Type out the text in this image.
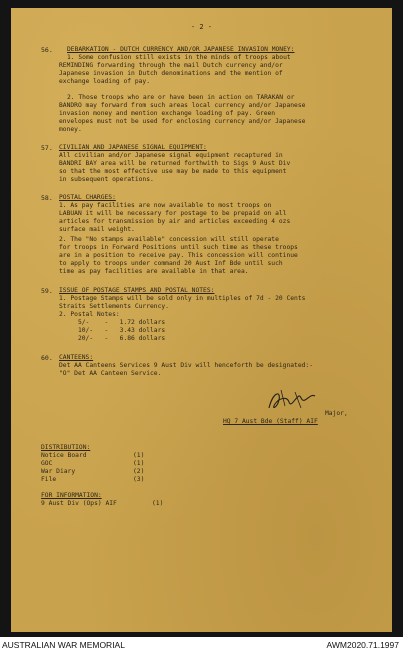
- 2 -
56. DEBARKATION - DUTCH CURRENCY AND/OR JAPANESE INVASION MONEY:
1. Some confusion still exists in the minds of troops about
REMINDING forwarding through the mail Dutch currency and/or
Japanese invasion in Dutch denominations and the mention of
exchange loading of pay.
2. Those troops who are or have been in action on TARAKAN or
BANDRO may forward from such areas local currency and/or Japanese
invasion money and mention exchange loading of pay. Green
envelopes must not be used for enclosing currency and/or Japanese
money.
57. CIVILIAN AND JAPANESE SIGNAL EQUIPMENT:
All civilian and/or Japanese signal equipment recaptured in
BANDRI BAY area will be returned forthwith to Sigs 9 Aust Div
so that the most effective use may be made to this equipment
in subsequent operations.
58. POSTAL CHARGES:
1. As pay facilities are now available to most troops on
LABUAN it will be necessary for postage to be prepaid on all
articles for transmission by air and articles exceeding 4 ozs
surface mail weight.
2. The "No stamps available" concession will still operate
for troops in Forward Positions until such time as these troops
are in a position to receive pay. This concession will continue
to apply to troops under command 20 Aust Inf Bde until such
time as pay facilities are available in that area.
59. ISSUE OF POSTAGE STAMPS AND POSTAL NOTES:
1. Postage Stamps will be sold only in multiples of 7d - 20 Cents
Straits Settlements Currency.
2. Postal Notes:
5/-    -   1.72 dollars
10/-   -   3.43 dollars
20/-   -   6.86 dollars
60. CANTEENS:
Det AA Canteens Services 9 Aust Div will henceforth be designated:-
"O" Det AA Canteen Service.
Major,
HQ 7 Aust Bde (Staff) AIF
DISTRIBUTION:
Notice Board	(1)
GOC	(1)
War Diary	(2)
File	(3)
FOR INFORMATION:
9 Aust Div (Ops) AIF	(1)
AUSTRALIAN WAR MEMORIAL	AWM2020.71.1997
